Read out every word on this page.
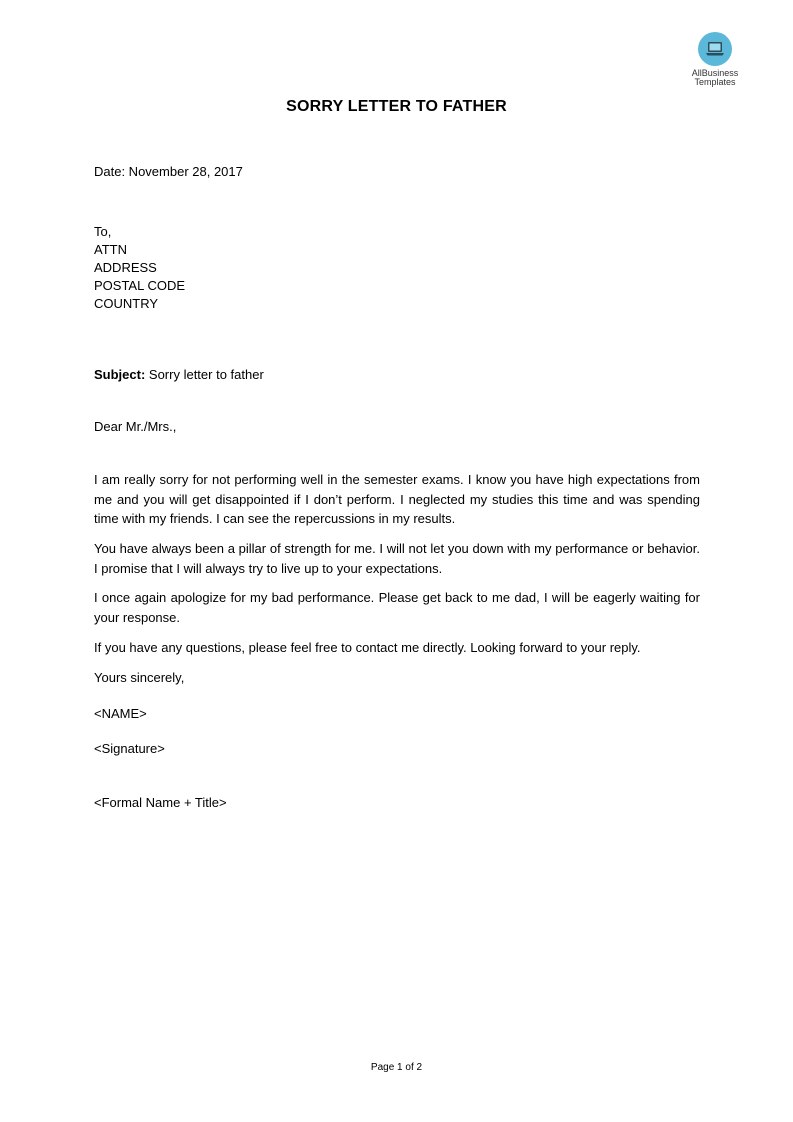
AllBusiness
Templates
SORRY LETTER TO FATHER
Date: November 28, 2017
To,
ATTN
ADDRESS
POSTAL CODE
COUNTRY
Subject: Sorry letter to father
Dear Mr./Mrs.,
I am really sorry for not performing well in the semester exams. I know you have high expectations from me and you will get disappointed if I don’t perform. I neglected my studies this time and was spending time with my friends. I can see the repercussions in my results.
You have always been a pillar of strength for me. I will not let you down with my performance or behavior. I promise that I will always try to live up to your expectations.
I once again apologize for my bad performance. Please get back to me dad, I will be eagerly waiting for your response.
If you have any questions, please feel free to contact me directly. Looking forward to your reply.
Yours sincerely,
<NAME>
<Signature>
<Formal Name + Title>
Page 1 of 2
